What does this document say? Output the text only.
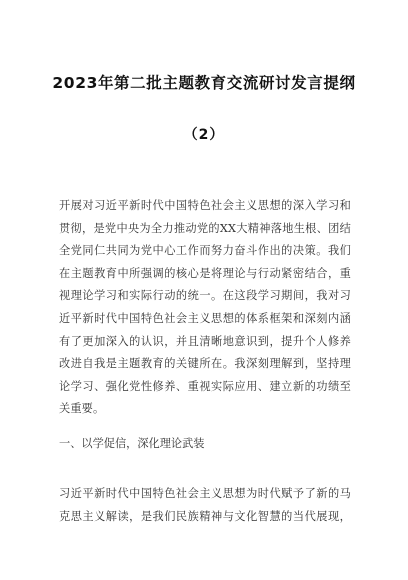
2023年第二批主题教育交流研讨发言提纲
（2）
开展对习近平新时代中国特色社会主义思想的深入学习和
贯彻，是党中央为全力推动党的XX大精神落地生根、团结
全党同仁共同为党中心工作而努力奋斗作出的决策。我们
在主题教育中所强调的核心是将理论与行动紧密结合，重
视理论学习和实际行动的统一。在这段学习期间，我对习
近平新时代中国特色社会主义思想的体系框架和深刻内涵
有了更加深入的认识，并且清晰地意识到，提升个人修养
改进自我是主题教育的关键所在。我深刻理解到，坚持理
论学习、强化党性修养、重视实际应用、建立新的功绩至
关重要。
一、以学促信，深化理论武装
习近平新时代中国特色社会主义思想为时代赋予了新的马
克思主义解读，是我们民族精神与文化智慧的当代展现，
